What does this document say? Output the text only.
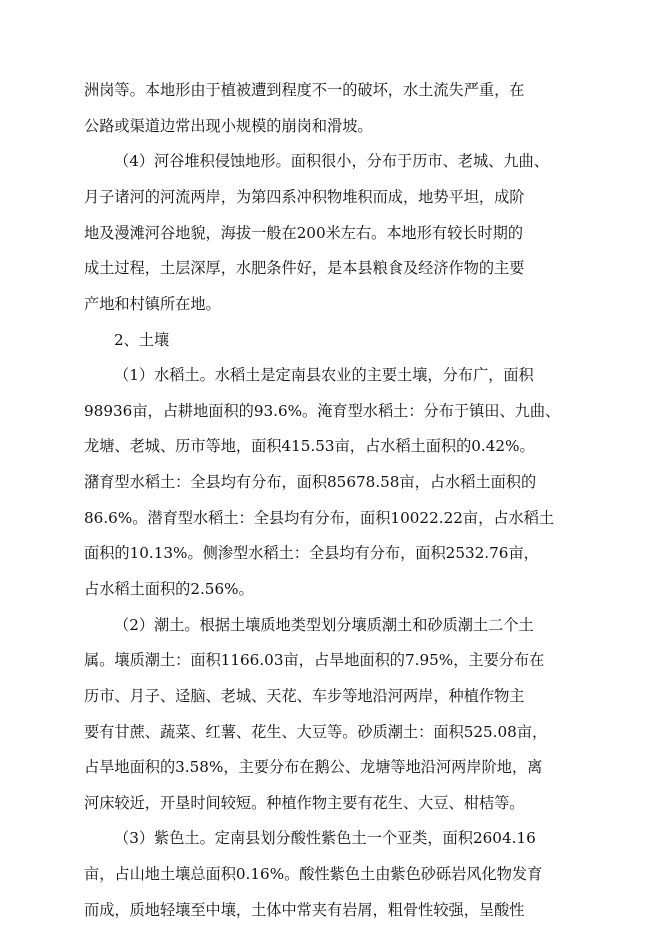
洲岗等。本地形由于植被遭到程度不一的破坏，水土流失严重，在
公路或渠道边常出现小规模的崩岗和滑坡。
（4）河谷堆积侵蚀地形。面积很小，分布于历市、老城、九曲、
月子诸河的河流两岸，为第四系冲积物堆积而成，地势平坦，成阶
地及漫滩河谷地貌，海拔一般在200米左右。本地形有较长时期的
成土过程，土层深厚，水肥条件好，是本县粮食及经济作物的主要
产地和村镇所在地。
2、土壤
（1）水稻土。水稻土是定南县农业的主要土壤，分布广，面积
98936亩，占耕地面积的93.6%。淹育型水稻土：分布于镇田、九曲、
龙塘、老城、历市等地，面积415.53亩，占水稻土面积的0.42%。
潴育型水稻土：全县均有分布，面积85678.58亩，占水稻土面积的
86.6%。潜育型水稻土：全县均有分布，面积10022.22亩，占水稻土
面积的10.13%。侧渗型水稻土：全县均有分布，面积2532.76亩，
占水稻土面积的2.56%。
（2）潮土。根据土壤质地类型划分壤质潮土和砂质潮土二个土
属。壤质潮土：面积1166.03亩，占旱地面积的7.95%，主要分布在
历市、月子、迳脑、老城、天花、车步等地沿河两岸，种植作物主
要有甘蔗、蔬菜、红薯、花生、大豆等。砂质潮土：面积525.08亩，
占旱地面积的3.58%，主要分布在鹅公、龙塘等地沿河两岸阶地，离
河床较近，开垦时间较短。种植作物主要有花生、大豆、柑桔等。
（3）紫色土。定南县划分酸性紫色土一个亚类，面积2604.16
亩，占山地土壤总面积0.16%。酸性紫色土由紫色砂砾岩风化物发育
而成，质地轻壤至中壤，土体中常夹有岩屑，粗骨性较强，呈酸性
